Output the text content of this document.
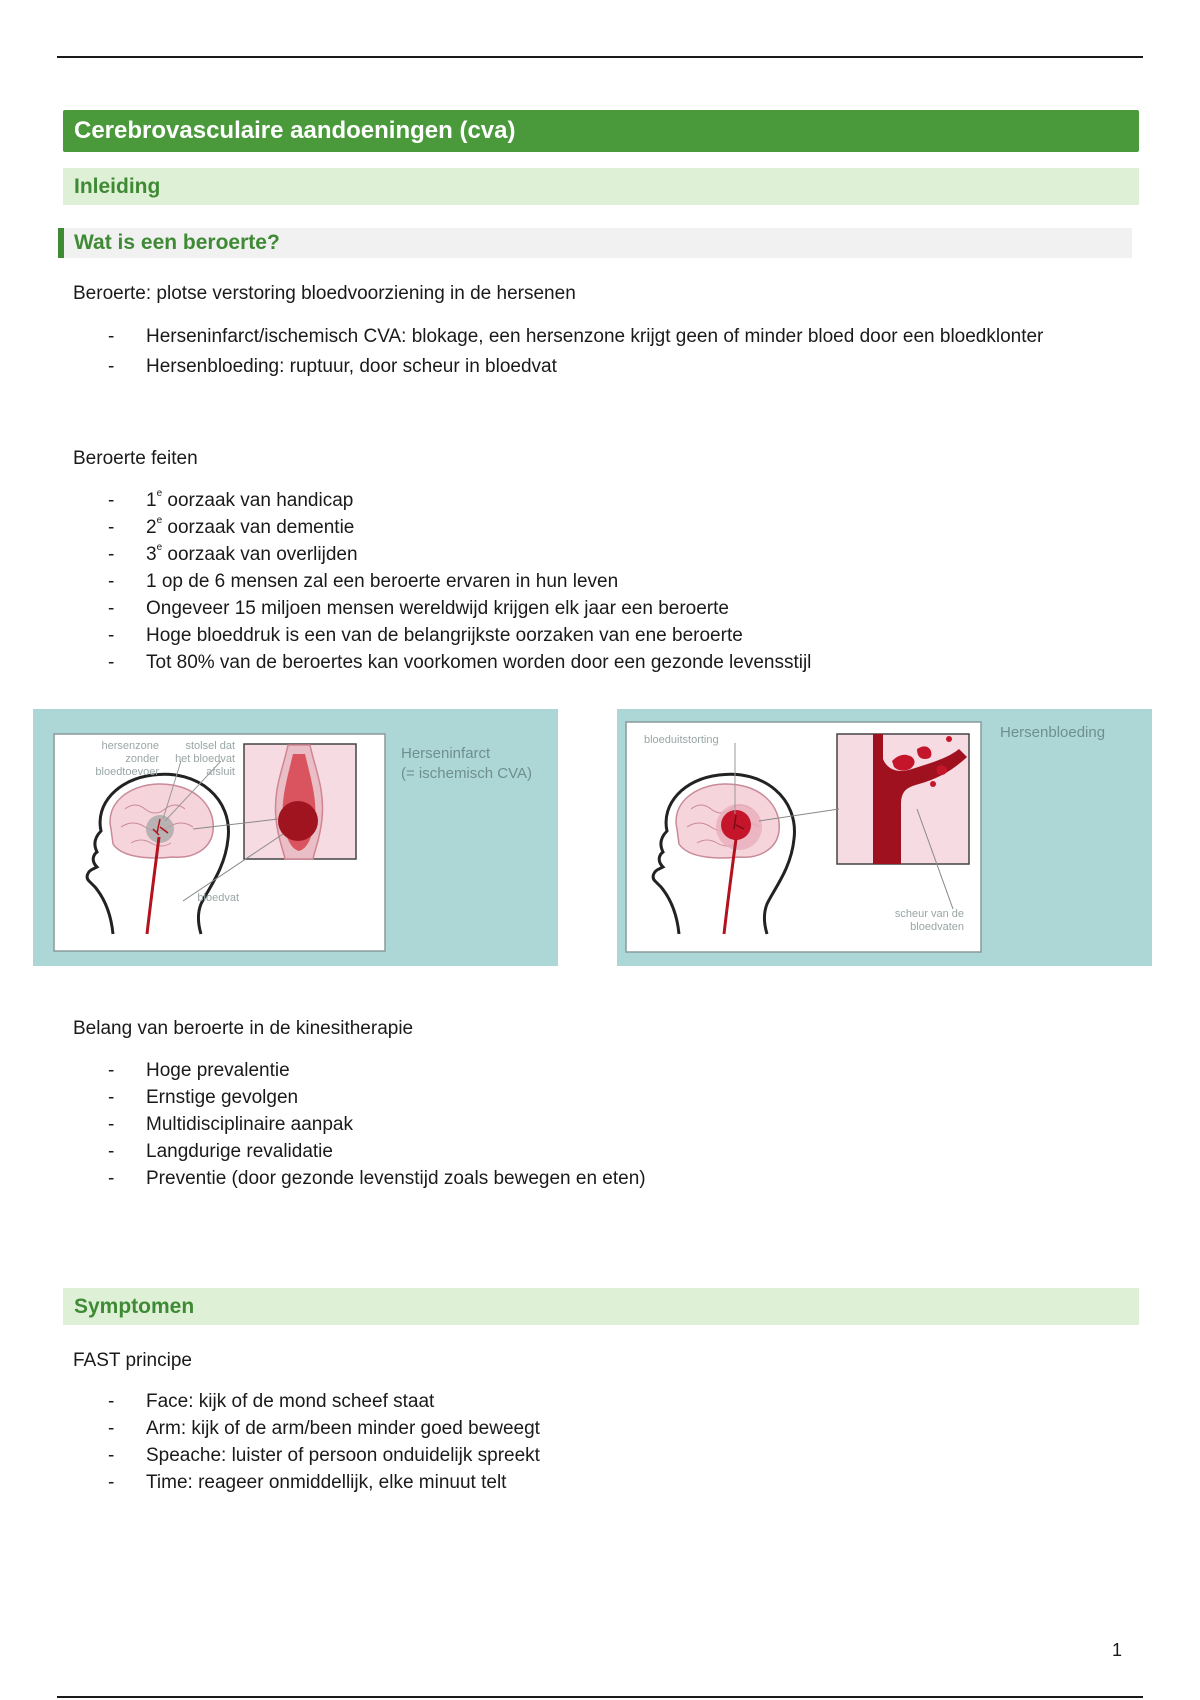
Cerebrovasculaire aandoeningen (cva)
Inleiding
Wat is een beroerte?
Beroerte: plotse verstoring bloedvoorziening in de hersenen
- Herseninfarct/ischemisch CVA: blokage, een hersenzone krijgt geen of minder bloed door een bloedklonter
- Hersenbloeding: ruptuur, door scheur in bloedvat
Beroerte feiten
- 1e oorzaak van handicap
- 2e oorzaak van dementie
- 3e oorzaak van overlijden
- 1 op de 6 mensen zal een beroerte ervaren in hun leven
- Ongeveer 15 miljoen mensen wereldwijd krijgen elk jaar een beroerte
- Hoge bloeddruk is een van de belangrijkste oorzaken van ene beroerte
- Tot 80% van de beroertes kan voorkomen worden door een gezonde levensstijl
hersenzone
zonder
bloedtoevoer
stolsel dat
het bloedvat
afsluit
bloedvat
Herseninfarct
(= ischemisch CVA)
bloeduitstorting
scheur van de
bloedvaten
Hersenbloeding
Belang van beroerte in de kinesitherapie
- Hoge prevalentie
- Ernstige gevolgen
- Multidisciplinaire aanpak
- Langdurige revalidatie
- Preventie (door gezonde levenstijd zoals bewegen en eten)
Symptomen
FAST principe
- Face: kijk of de mond scheef staat
- Arm: kijk of de arm/been minder goed beweegt
- Speache: luister of persoon onduidelijk spreekt
- Time: reageer onmiddellijk, elke minuut telt
1
